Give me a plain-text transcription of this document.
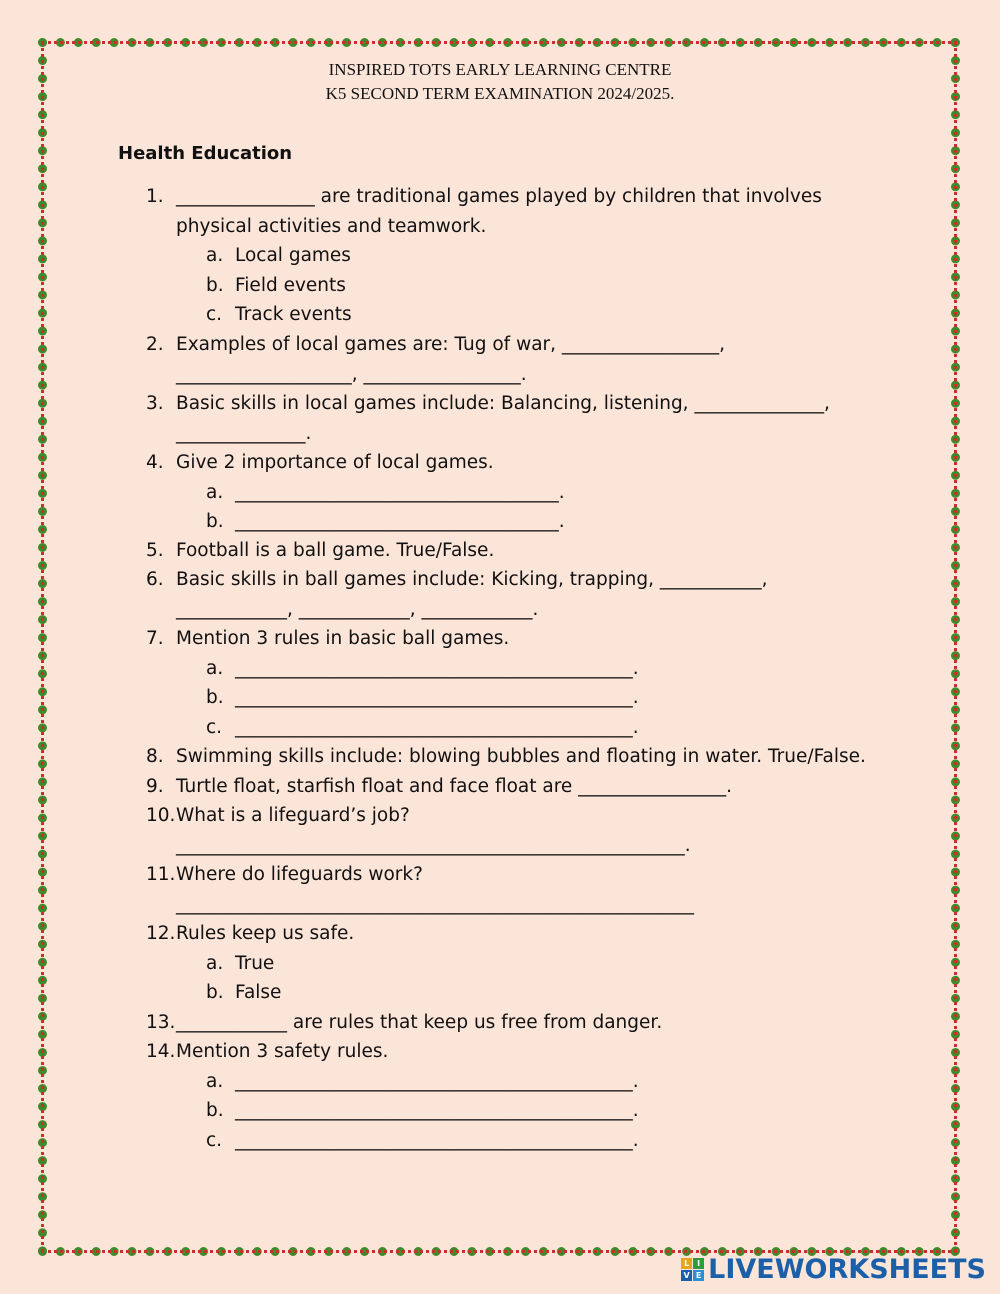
INSPIRED TOTS EARLY LEARNING CENTRE
K5 SECOND TERM EXAMINATION 2024/2025.
Health Education
1. _______________ are traditional games played by children that involves
physical activities and teamwork.
a. Local games
b. Field events
c. Track events
2. Examples of local games are: Tug of war, _________________,
___________________, _________________.
3. Basic skills in local games include: Balancing, listening, ______________,
______________.
4. Give 2 importance of local games.
a. ___________________________________.
b. ___________________________________.
5. Football is a ball game. True/False.
6. Basic skills in ball games include: Kicking, trapping, ___________,
____________, ____________, ____________.
7. Mention 3 rules in basic ball games.
a. ___________________________________________.
b. ___________________________________________.
c. ___________________________________________.
8. Swimming skills include: blowing bubbles and floating in water. True/False.
9. Turtle float, starfish float and face float are ________________.
10. What is a lifeguard’s job?
_______________________________________________________.
11. Where do lifeguards work?
________________________________________________________
12. Rules keep us safe.
a. True
b. False
13. ____________ are rules that keep us free from danger.
14. Mention 3 safety rules.
a. ___________________________________________.
b. ___________________________________________.
c. ___________________________________________.
L I
V E LIVEWORKSHEETS
